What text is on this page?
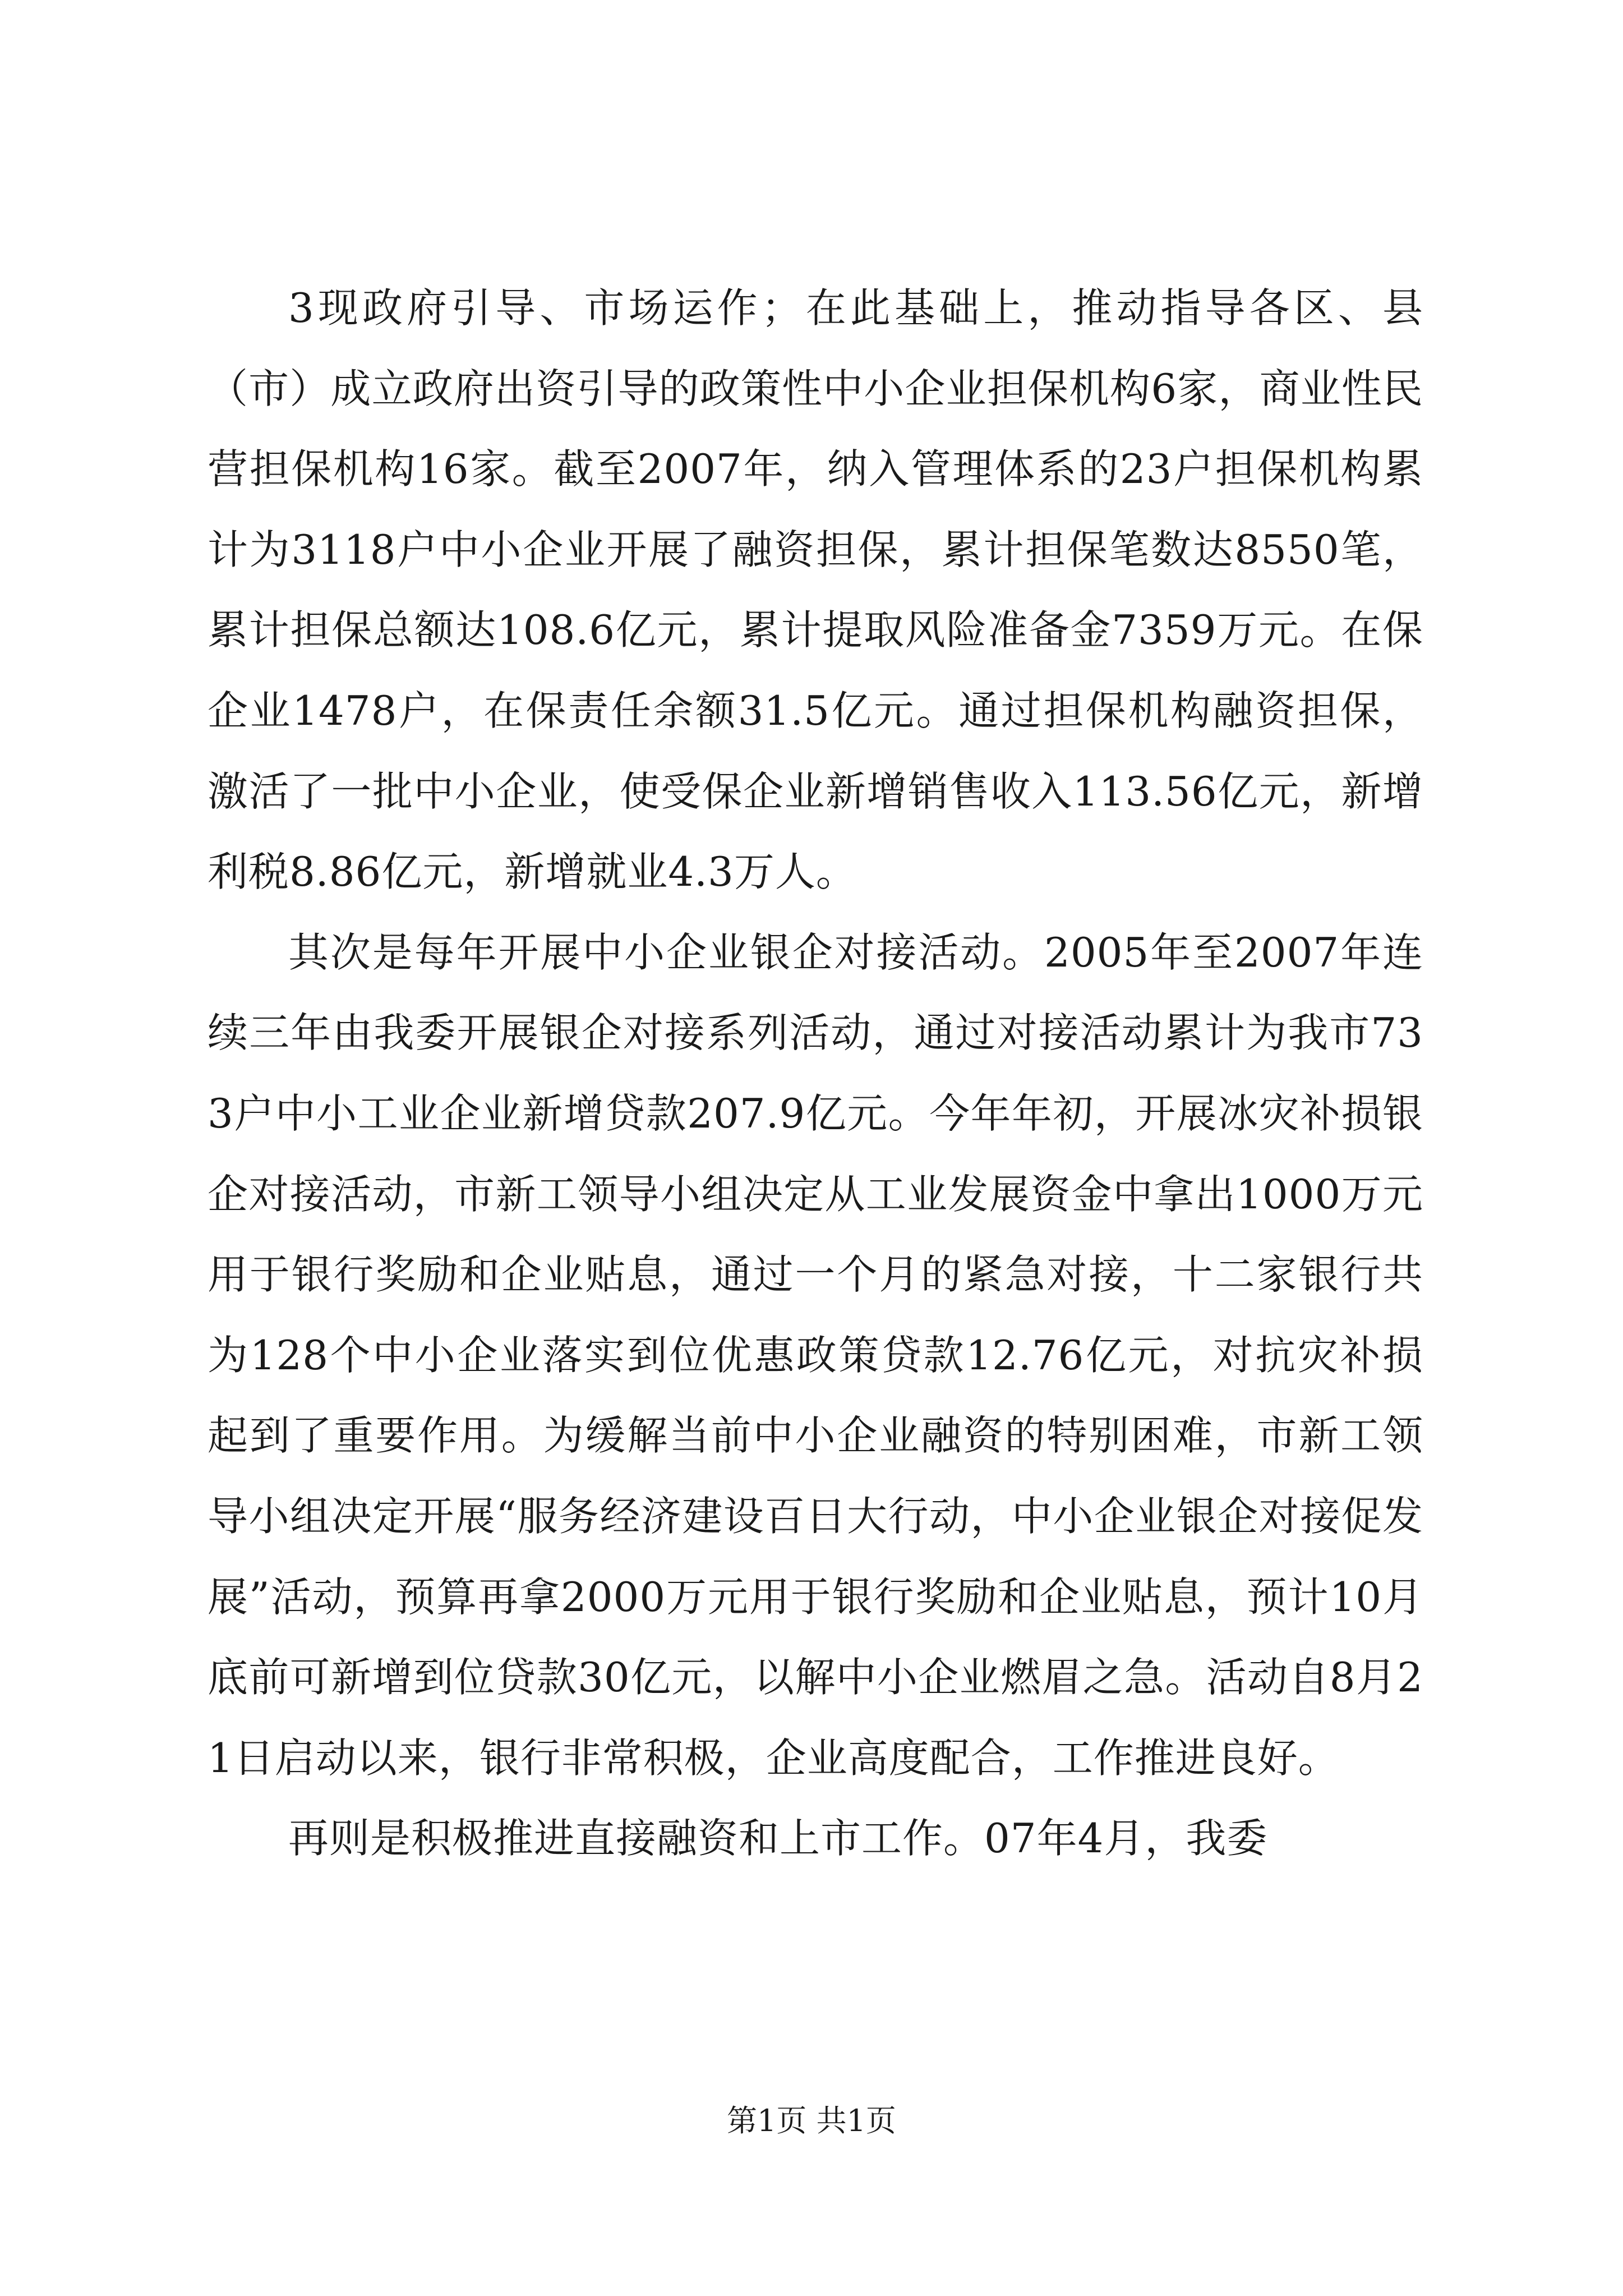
3现政府引导、市场运作；在此基础上，推动指导各区、县（市）成立政府出资引导的政策性中小企业担保机构6家，商业性民营担保机构16家。截至2007年，纳入管理体系的23户担保机构累计为3118户中小企业开展了融资担保，累计担保笔数达8550笔，累计担保总额达108.6亿元，累计提取风险准备金7359万元。在保企业1478户，在保责任余额31.5亿元。通过担保机构融资担保，激活了一批中小企业，使受保企业新增销售收入113.56亿元，新增利税8.86亿元，新增就业4.3万人。

其次是每年开展中小企业银企对接活动。2005年至2007年连续三年由我委开展银企对接系列活动，通过对接活动累计为我市733户中小工业企业新增贷款207.9亿元。今年年初，开展冰灾补损银企对接活动，市新工领导小组决定从工业发展资金中拿出1000万元用于银行奖励和企业贴息，通过一个月的紧急对接，十二家银行共为128个中小企业落实到位优惠政策贷款12.76亿元，对抗灾补损起到了重要作用。为缓解当前中小企业融资的特别困难，市新工领导小组决定开展“服务经济建设百日大行动，中小企业银企对接促发展”活动，预算再拿2000万元用于银行奖励和企业贴息，预计10月底前可新增到位贷款30亿元，以解中小企业燃眉之急。活动自8月21日启动以来，银行非常积极，企业高度配合，工作推进良好。

再则是积极推进直接融资和上市工作。07年4月，我委

第1页 共1页
